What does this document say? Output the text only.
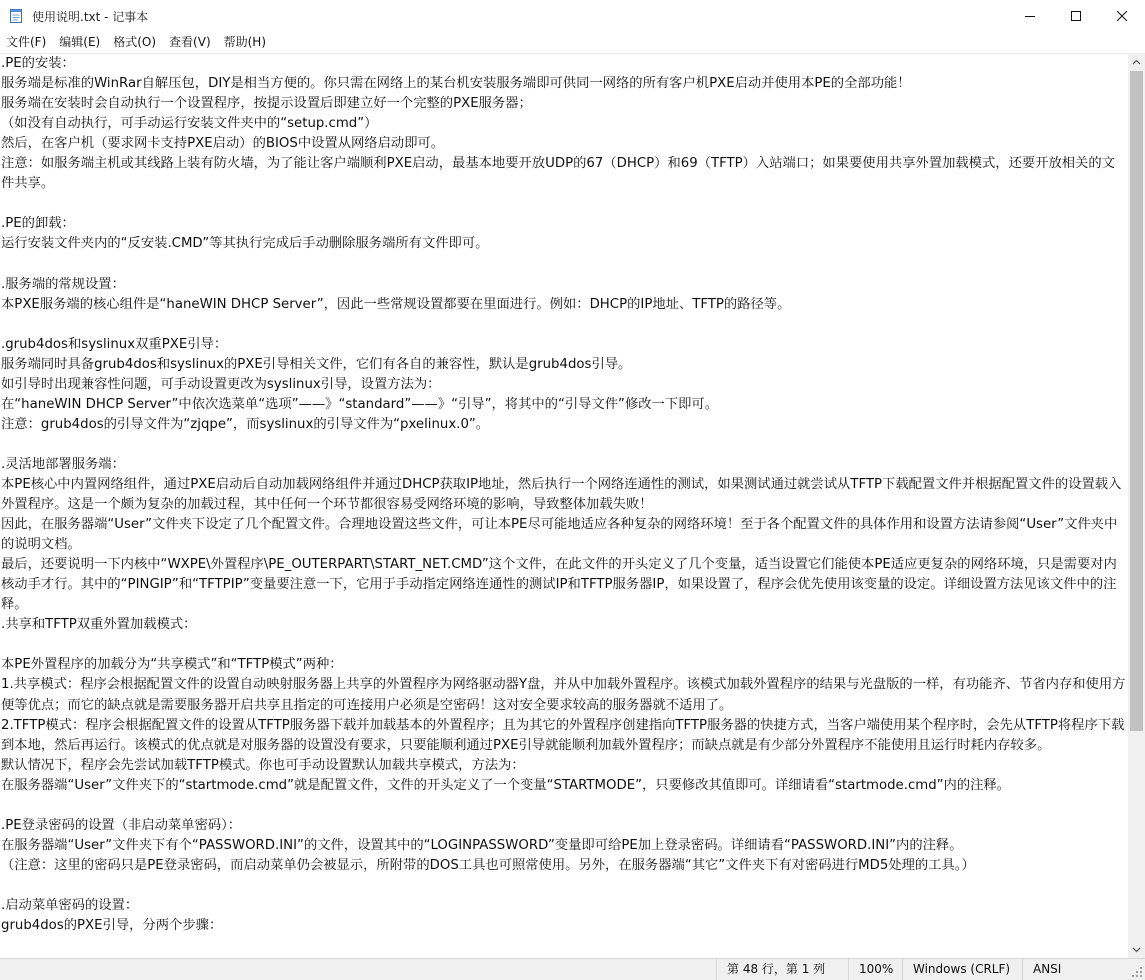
使用说明.txt - 记事本
文件(F)	编辑(E)	格式(O)	查看(V)	帮助(H)
.PE的安装：
服务端是标准的WinRar自解压包，DIY是相当方便的。你只需在网络上的某台机安装服务端即可供同一网络的所有客户机PXE启动并使用本PE的全部功能！
服务端在安装时会自动执行一个设置程序，按提示设置后即建立好一个完整的PXE服务器；
（如没有自动执行，可手动运行安装文件夹中的“setup.cmd”）
然后，在客户机（要求网卡支持PXE启动）的BIOS中设置从网络启动即可。
注意：如服务端主机或其线路上装有防火墙，为了能让客户端顺利PXE启动，最基本地要开放UDP的67（DHCP）和69（TFTP）入站端口；如果要使用共享外置加载模式，还要开放相关的文件共享。
.PE的卸载：
运行安装文件夹内的“反安装.CMD”等其执行完成后手动删除服务端所有文件即可。
.服务端的常规设置：
本PXE服务端的核心组件是“haneWIN DHCP Server”，因此一些常规设置都要在里面进行。例如：DHCP的IP地址、TFTP的路径等。
.grub4dos和syslinux双重PXE引导：
服务端同时具备grub4dos和syslinux的PXE引导相关文件，它们有各自的兼容性，默认是grub4dos引导。
如引导时出现兼容性问题，可手动设置更改为syslinux引导，设置方法为：
在“haneWIN DHCP Server”中依次选菜单“选项”——》“standard”——》“引导”，将其中的“引导文件”修改一下即可。
注意：grub4dos的引导文件为“zjqpe”，而syslinux的引导文件为“pxelinux.0”。
.灵活地部署服务端：
本PE核心中内置网络组件，通过PXE启动后自动加载网络组件并通过DHCP获取IP地址，然后执行一个网络连通性的测试，如果测试通过就尝试从TFTP下载配置文件并根据配置文件的设置载入外置程序。这是一个颇为复杂的加载过程，其中任何一个环节都很容易受网络环境的影响，导致整体加载失败！
因此，在服务器端“User”文件夹下设定了几个配置文件。合理地设置这些文件，可让本PE尽可能地适应各种复杂的网络环境！至于各个配置文件的具体作用和设置方法请参阅“User”文件夹中的说明文档。
最后，还要说明一下内核中“WXPE\外置程序\PE_OUTERPART\START_NET.CMD”这个文件，在此文件的开头定义了几个变量，适当设置它们能使本PE适应更复杂的网络环境，只是需要对内核动手才行。其中的“PINGIP”和“TFTPIP”变量要注意一下，它用于手动指定网络连通性的测试IP和TFTP服务器IP，如果设置了，程序会优先使用该变量的设定。详细设置方法见该文件中的注释。
.共享和TFTP双重外置加载模式：
本PE外置程序的加载分为“共享模式”和“TFTP模式”两种：
1.共享模式：程序会根据配置文件的设置自动映射服务器上共享的外置程序为网络驱动器Y盘，并从中加载外置程序。该模式加载外置程序的结果与光盘版的一样，有功能齐、节省内存和使用方便等优点；而它的缺点就是需要服务器开启共享且指定的可连接用户必须是空密码！这对安全要求较高的服务器就不适用了。
2.TFTP模式：程序会根据配置文件的设置从TFTP服务器下载并加载基本的外置程序；且为其它的外置程序创建指向TFTP服务器的快捷方式，当客户端使用某个程序时，会先从TFTP将程序下载到本地，然后再运行。该模式的优点就是对服务器的设置没有要求，只要能顺利通过PXE引导就能顺利加载外置程序；而缺点就是有少部分外置程序不能使用且运行时耗内存较多。
默认情况下，程序会先尝试加载TFTP模式。你也可手动设置默认加载共享模式，方法为：
在服务器端“User”文件夹下的“startmode.cmd”就是配置文件，文件的开头定义了一个变量“STARTMODE”，只要修改其值即可。详细请看“startmode.cmd”内的注释。
.PE登录密码的设置（非启动菜单密码）：
在服务器端“User”文件夹下有个“PASSWORD.INI”的文件，设置其中的“LOGINPASSWORD”变量即可给PE加上登录密码。详细请看“PASSWORD.INI”内的注释。
（注意：这里的密码只是PE登录密码，而启动菜单仍会被显示，所附带的DOS工具也可照常使用。另外，在服务器端“其它”文件夹下有对密码进行MD5处理的工具。）
.启动菜单密码的设置：
grub4dos的PXE引导，分两个步骤：
第 48 行，第 1 列	100%	Windows (CRLF)	ANSI
